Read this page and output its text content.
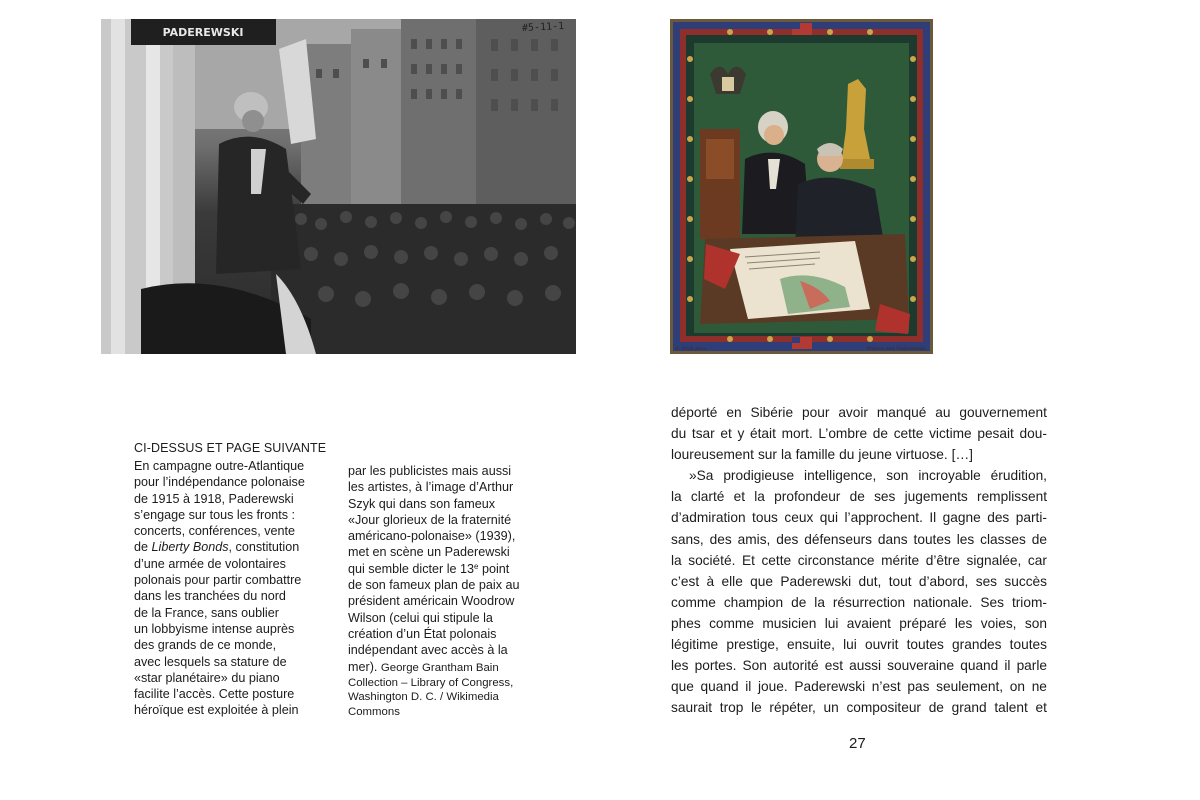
PADEREWSKI	#5-11-1
A. Szyk pinx.	Wilson and Paderewski.
CI-DESSUS ET PAGE SUIVANTE
En campagne outre-Atlantique
pour l’indépendance polonaise
de 1915 à 1918, Paderewski
s’engage sur tous les fronts :
concerts, conférences, vente
de Liberty Bonds, constitution
d’une armée de volontaires
polonais pour partir combattre
dans les tranchées du nord
de la France, sans oublier
un lobbyisme intense auprès
des grands de ce monde,
avec lesquels sa stature de
«star planétaire» du piano
facilite l’accès. Cette posture
héroïque est exploitée à plein
par les publicistes mais aussi
les artistes, à l’image d’Arthur
Szyk qui dans son fameux
«Jour glorieux de la fraternité
américano-polonaise» (1939),
met en scène un Paderewski
qui semble dicter le 13e point
de son fameux plan de paix au
président américain Woodrow
Wilson (celui qui stipule la
création d’un État polonais
indépendant avec accès à la
mer). George Grantham Bain
Collection – Library of Congress,
Washington D. C. / Wikimedia
Commons
déporté en Sibérie pour avoir manqué au gouvernement
du tsar et y était mort. L’ombre de cette victime pesait dou-
loureusement sur la famille du jeune virtuose. […]
»Sa prodigieuse intelligence, son incroyable érudition,
la clarté et la profondeur de ses jugements remplissent
d’admiration tous ceux qui l’approchent. Il gagne des parti-
sans, des amis, des défenseurs dans toutes les classes de
la société. Et cette circonstance mérite d’être signalée, car
c’est à elle que Paderewski dut, tout d’abord, ses succès
comme champion de la résurrection nationale. Ses triom-
phes comme musicien lui avaient préparé les voies, son
légitime prestige, ensuite, lui ouvrit toutes grandes toutes
les portes. Son autorité est aussi souveraine quand il parle
que quand il joue. Paderewski n’est pas seulement, on ne
saurait trop le répéter, un compositeur de grand talent et
27
